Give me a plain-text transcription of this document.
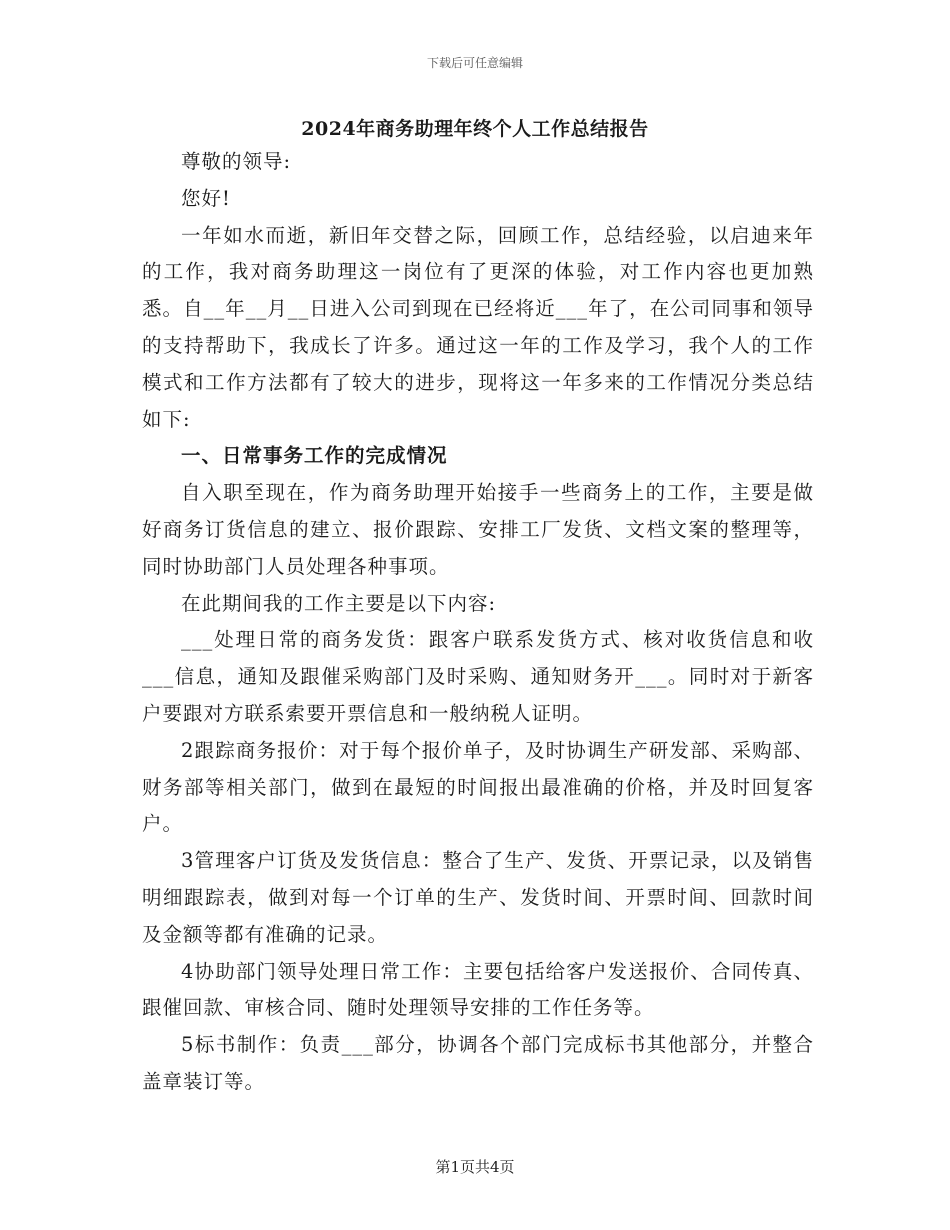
下载后可任意编辑
2024年商务助理年终个人工作总结报告

尊敬的领导:

您好!

一年如水而逝，新旧年交替之际，回顾工作，总结经验，以启迪来年的工作，我对商务助理这一岗位有了更深的体验，对工作内容也更加熟悉。自__年__月__日进入公司到现在已经将近___年了，在公司同事和领导的支持帮助下，我成长了许多。通过这一年的工作及学习，我个人的工作模式和工作方法都有了较大的进步，现将这一年多来的工作情况分类总结如下:

一、日常事务工作的完成情况

自入职至现在，作为商务助理开始接手一些商务上的工作，主要是做好商务订货信息的建立、报价跟踪、安排工厂发货、文档文案的整理等，同时协助部门人员处理各种事项。

在此期间我的工作主要是以下内容:

___处理日常的商务发货：跟客户联系发货方式、核对收货信息和收___信息，通知及跟催采购部门及时采购、通知财务开___。同时对于新客户要跟对方联系索要开票信息和一般纳税人证明。

2跟踪商务报价：对于每个报价单子，及时协调生产研发部、采购部、财务部等相关部门，做到在最短的时间报出最准确的价格，并及时回复客户。

3管理客户订货及发货信息：整合了生产、发货、开票记录，以及销售明细跟踪表，做到对每一个订单的生产、发货时间、开票时间、回款时间及金额等都有准确的记录。

4协助部门领导处理日常工作：主要包括给客户发送报价、合同传真、跟催回款、审核合同、随时处理领导安排的工作任务等。

5标书制作：负责___部分，协调各个部门完成标书其他部分，并整合盖章装订等。

第1页共4页
